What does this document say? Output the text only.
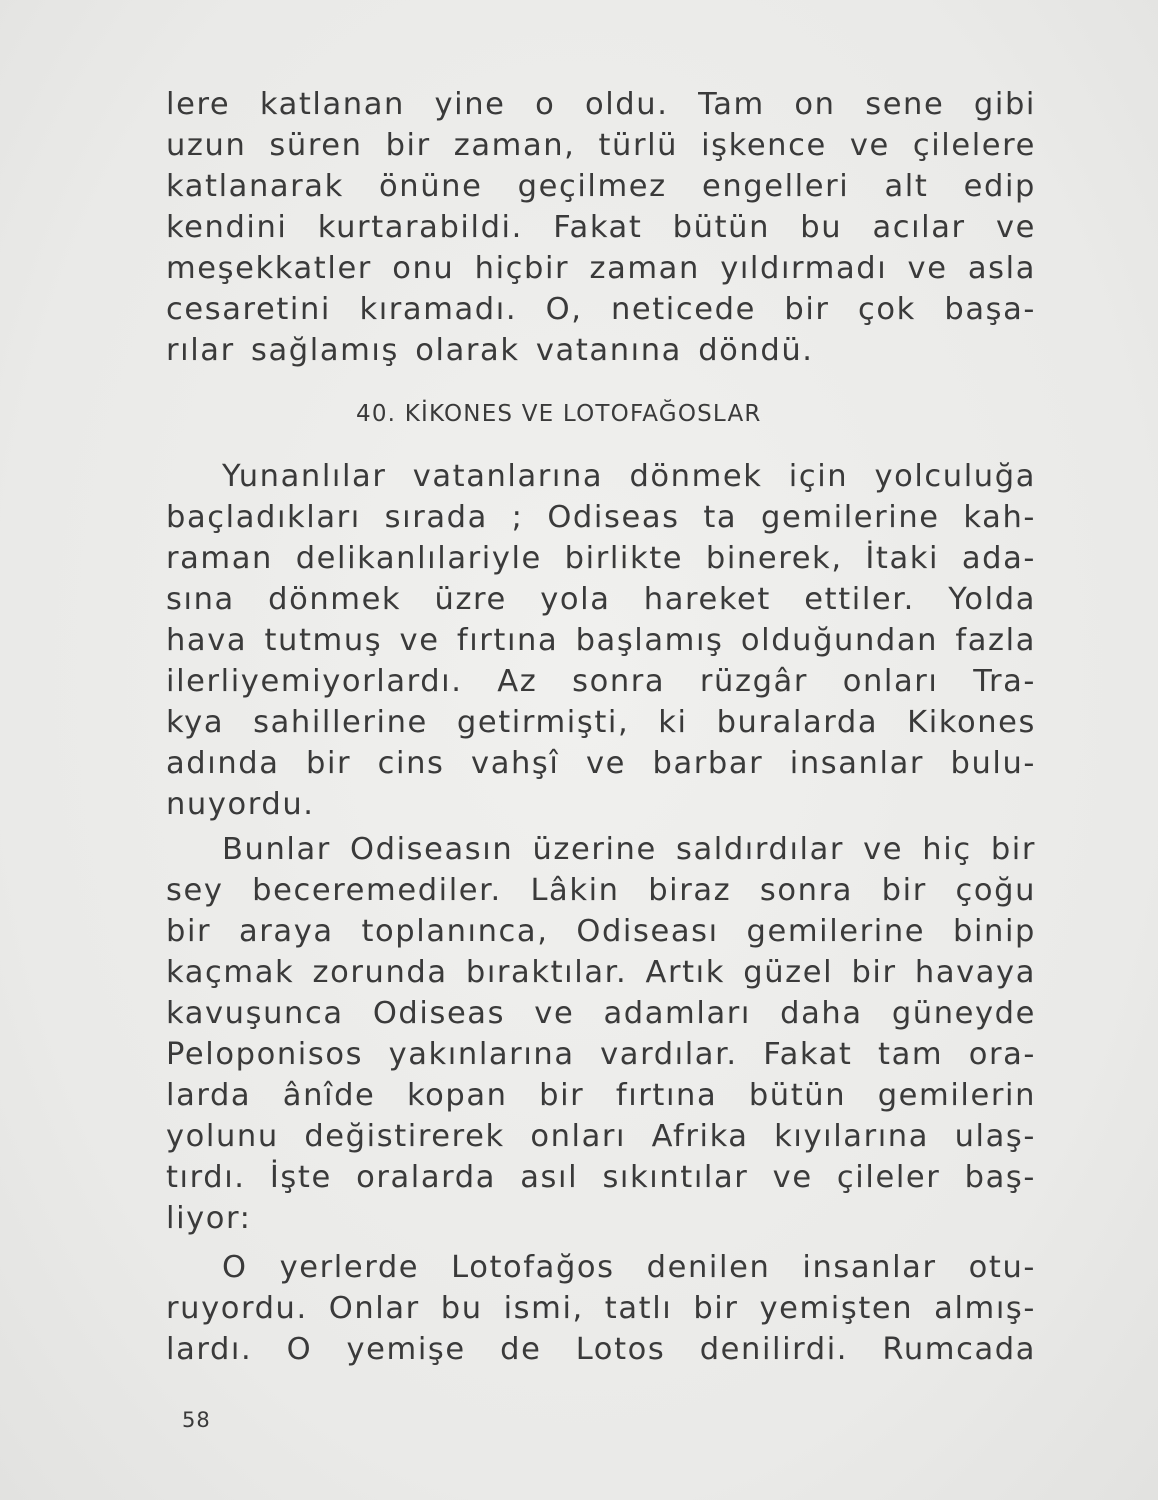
lere katlanan yine o oldu. Tam on sene gibi
uzun süren bir zaman, türlü işkence ve çilelere
katlanarak önüne geçilmez engelleri alt edip
kendini kurtarabildi. Fakat bütün bu acılar ve
meşekkatler onu hiçbir zaman yıldırmadı ve asla
cesaretini kıramadı. O, neticede bir çok başa-
rılar sağlamış olarak vatanına döndü.
40. KİKONES VE LOTOFAĞOSLAR
Yunanlılar vatanlarına dönmek için yolculuğa
baçladıkları sırada ; Odiseas ta gemilerine kah-
raman delikanlılariyle birlikte binerek, İtaki ada-
sına dönmek üzre yola hareket ettiler. Yolda
hava tutmuş ve fırtına başlamış olduğundan fazla
ilerliyemiyorlardı. Az sonra rüzgâr onları Tra-
kya sahillerine getirmişti, ki buralarda Kikones
adında bir cins vahşî ve barbar insanlar bulu-
nuyordu.
Bunlar Odiseasın üzerine saldırdılar ve hiç bir
sey beceremediler. Lâkin biraz sonra bir çoğu
bir araya toplanınca, Odiseası gemilerine binip
kaçmak zorunda bıraktılar. Artık güzel bir havaya
kavuşunca Odiseas ve adamları daha güneyde
Peloponisos yakınlarına vardılar. Fakat tam ora-
larda ânîde kopan bir fırtına bütün gemilerin
yolunu değistirerek onları Afrika kıyılarına ulaş-
tırdı. İşte oralarda asıl sıkıntılar ve çileler baş-
liyor:
O yerlerde Lotofağos denilen insanlar otu-
ruyordu. Onlar bu ismi, tatlı bir yemişten almış-
lardı. O yemişe de Lotos denilirdi. Rumcada
58
